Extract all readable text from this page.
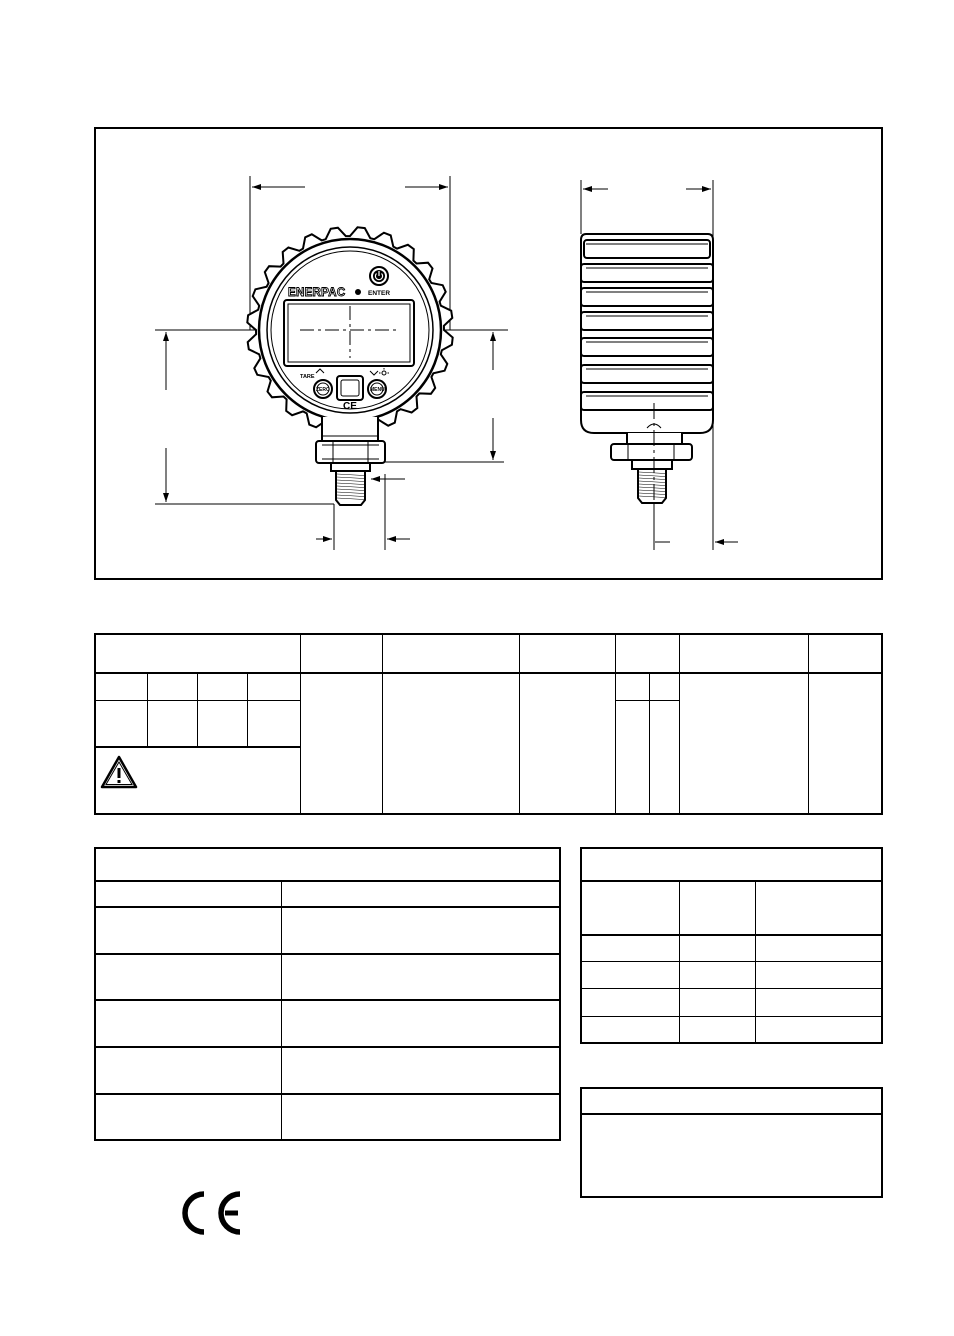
ENERPAC	ENTER
TARE
ZERO	MENU
CE
CE
